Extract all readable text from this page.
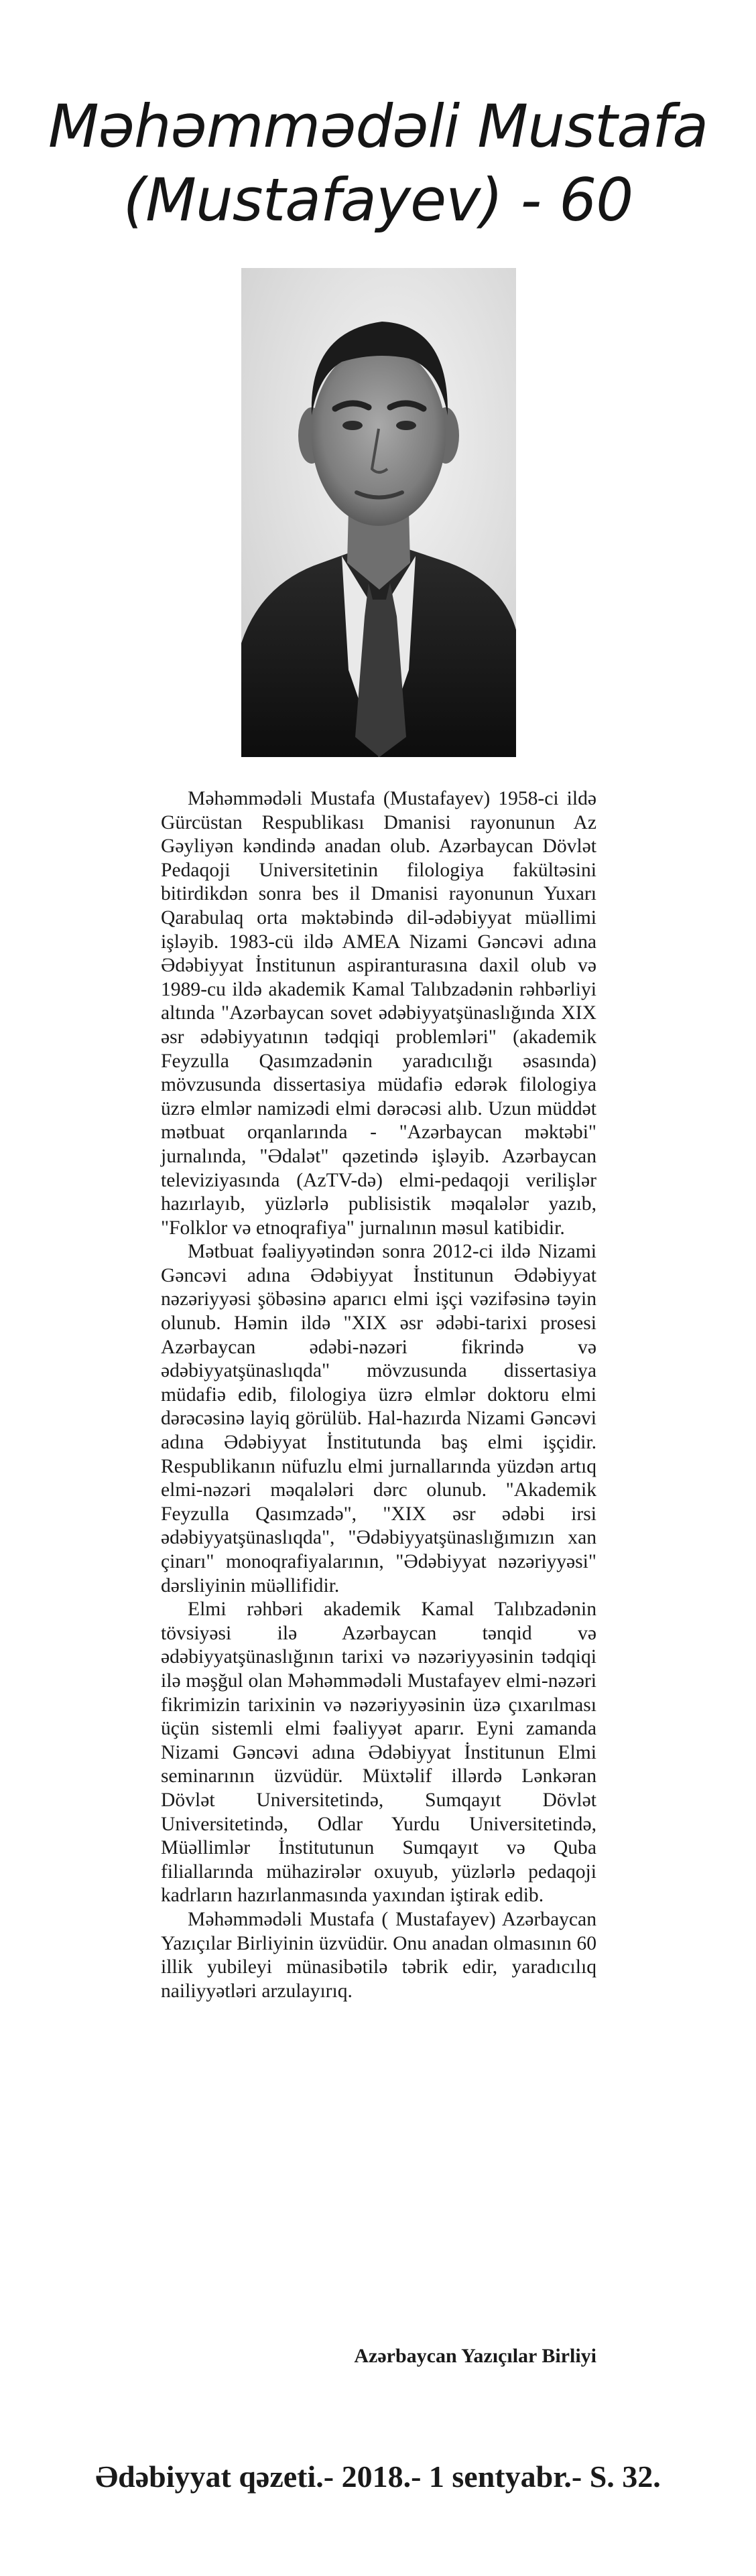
Məhəmmədəli Mustafa
(Mustafayev) - 60

Məhəmmədəli Mustafa (Mustafayev) 1958-ci ildə Gürcüstan Respublikası Dmanisi rayonunun Az Gəyliyən kəndində anadan olub. Azərbaycan Dövlət Pedaqoji Universitetinin filologiya fakültəsini bitirdikdən sonra bes il Dmanisi rayonunun Yuxarı Qarabulaq orta məktəbində dil-ədəbiyyat müəllimi işləyib. 1983-cü ildə AMEA Nizami Gəncəvi adına Ədəbiyyat İnstitunun aspiranturasına daxil olub və 1989-cu ildə akademik Kamal Talıbzadənin rəhbərliyi altında "Azərbaycan sovet ədəbiyyatşünaslığında XIX əsr ədəbiyyatının tədqiqi problemləri" (akademik Feyzulla Qasımzadənin yaradıcılığı əsasında) mövzusunda dissertasiya müdafiə edərək filologiya üzrə elmlər namizədi elmi dərəcəsi alıb. Uzun müddət mətbuat orqanlarında - "Azərbaycan məktəbi" jurnalında, "Ədalət" qəzetində işləyib. Azərbaycan televiziyasında (AzTV-də) elmi-pedaqoji verilişlər hazırlayıb, yüzlərlə publisistik məqalələr yazıb, "Folklor və etnoqrafiya" jurnalının məsul katibidir.

Mətbuat fəaliyyətindən sonra 2012-ci ildə Nizami Gəncəvi adına Ədəbiyyat İnstitunun Ədəbiyyat nəzəriyyəsi şöbəsinə aparıcı elmi işçi vəzifəsinə təyin olunub. Həmin ildə "XIX əsr ədəbi-tarixi prosesi Azərbaycan ədəbi-nəzəri fikrində və ədəbiyyatşünaslıqda" mövzusunda dissertasiya müdafiə edib, filologiya üzrə elmlər doktoru elmi dərəcəsinə layiq görülüb. Hal-hazırda Nizami Gəncəvi adına Ədəbiyyat İnstitutunda baş elmi işçidir. Respublikanın nüfuzlu elmi jurnallarında yüzdən artıq elmi-nəzəri məqalələri dərc olunub. "Akademik Feyzulla Qasımzadə", "XIX əsr ədəbi irsi ədəbiyyatşünaslıqda", "Ədəbiyyatşünaslığımızın xan çinarı" monoqrafiyalarının, "Ədəbiyyat nəzəriyyəsi" dərsliyinin müəllifidir.

Elmi rəhbəri akademik Kamal Talıbzadənin tövsiyəsi ilə Azərbaycan tənqid və ədəbiyyatşünaslığının tarixi və nəzəriyyəsinin tədqiqi ilə məşğul olan Məhəmmədəli Mustafayev elmi-nəzəri fikrimizin tarixinin və nəzəriyyəsinin üzə çıxarılması üçün sistemli elmi fəaliyyət aparır. Eyni zamanda Nizami Gəncəvi adına Ədəbiyyat İnstitunun Elmi seminarının üzvüdür. Müxtəlif illərdə Lənkəran Dövlət Universitetində, Sumqayıt Dövlət Universitetində, Odlar Yurdu Universitetində, Müəllimlər İnstitutunun Sumqayıt və Quba filiallarında mühazirələr oxuyub, yüzlərlə pedaqoji kadrların hazırlanmasında yaxından iştirak edib.

Məhəmmədəli Mustafa ( Mustafayev) Azərbaycan Yazıçılar Birliyinin üzvüdür. Onu anadan olmasının 60 illik yubileyi münasibətilə təbrik edir, yaradıcılıq nailiyyətləri arzulayırıq.

Azərbaycan Yazıçılar Birliyi
Ədəbiyyat qəzeti.- 2018.- 1 sentyabr.- S. 32.
